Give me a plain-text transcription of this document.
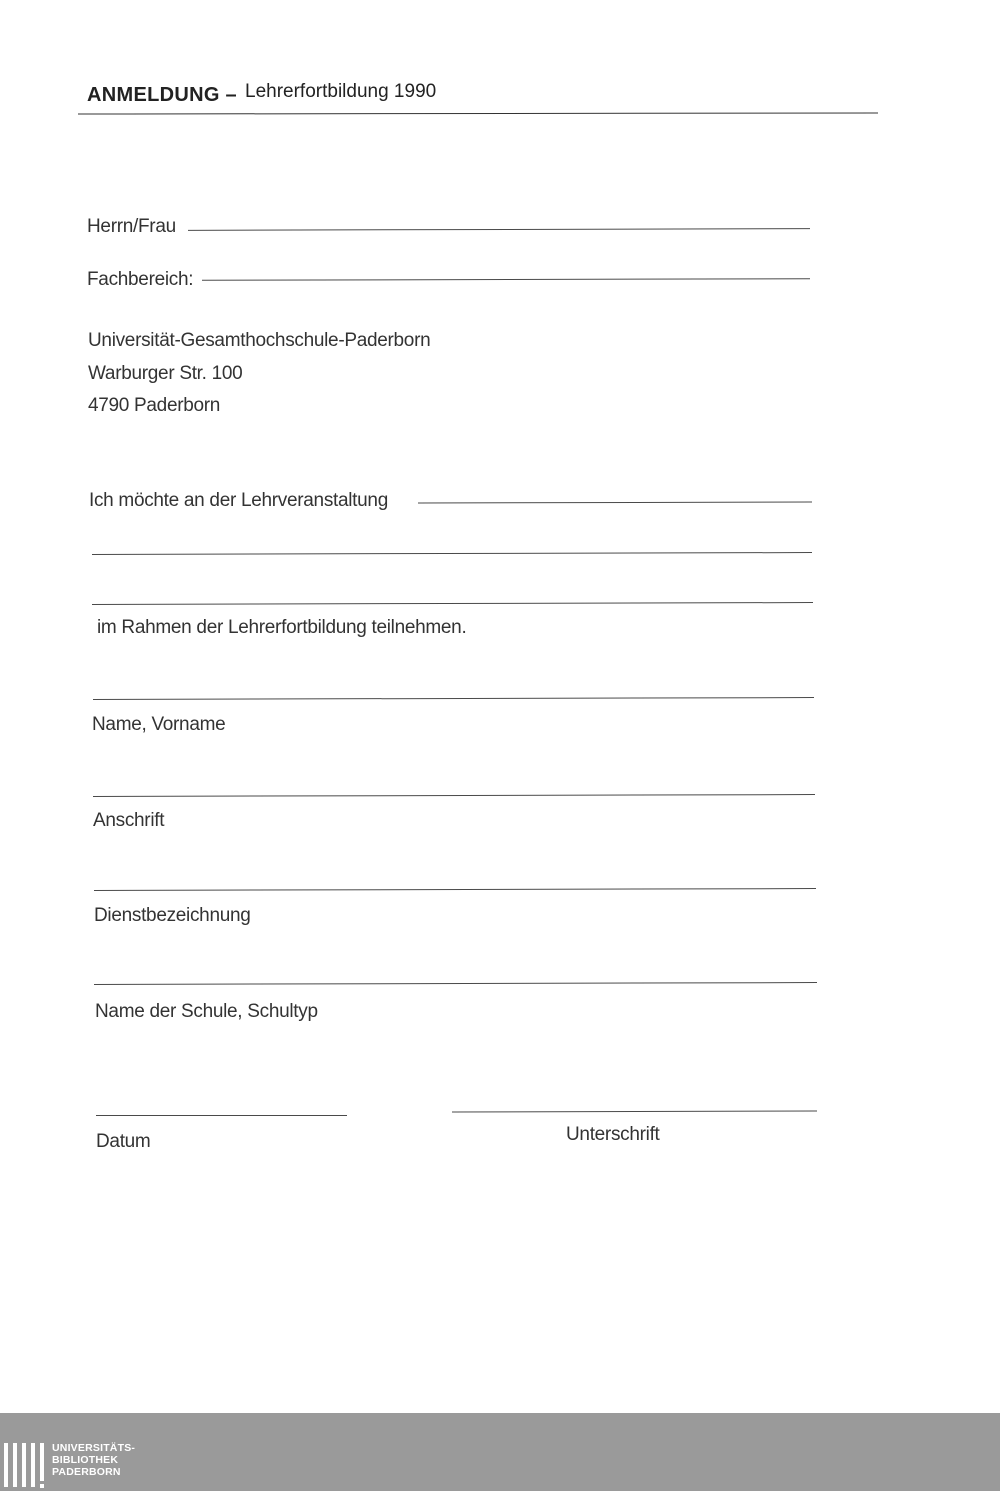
ANMELDUNG – Lehrerfortbildung 1990
Herrn/Frau
Fachbereich:
Universität-Gesamthochschule-Paderborn
Warburger Str. 100
4790 Paderborn
Ich möchte an der Lehrveranstaltung
im Rahmen der Lehrerfortbildung teilnehmen.
Name, Vorname
Anschrift
Dienstbezeichnung
Name der Schule, Schultyp
Datum	Unterschrift
UNIVERSITÄTS-
BIBLIOTHEK
PADERBORN
